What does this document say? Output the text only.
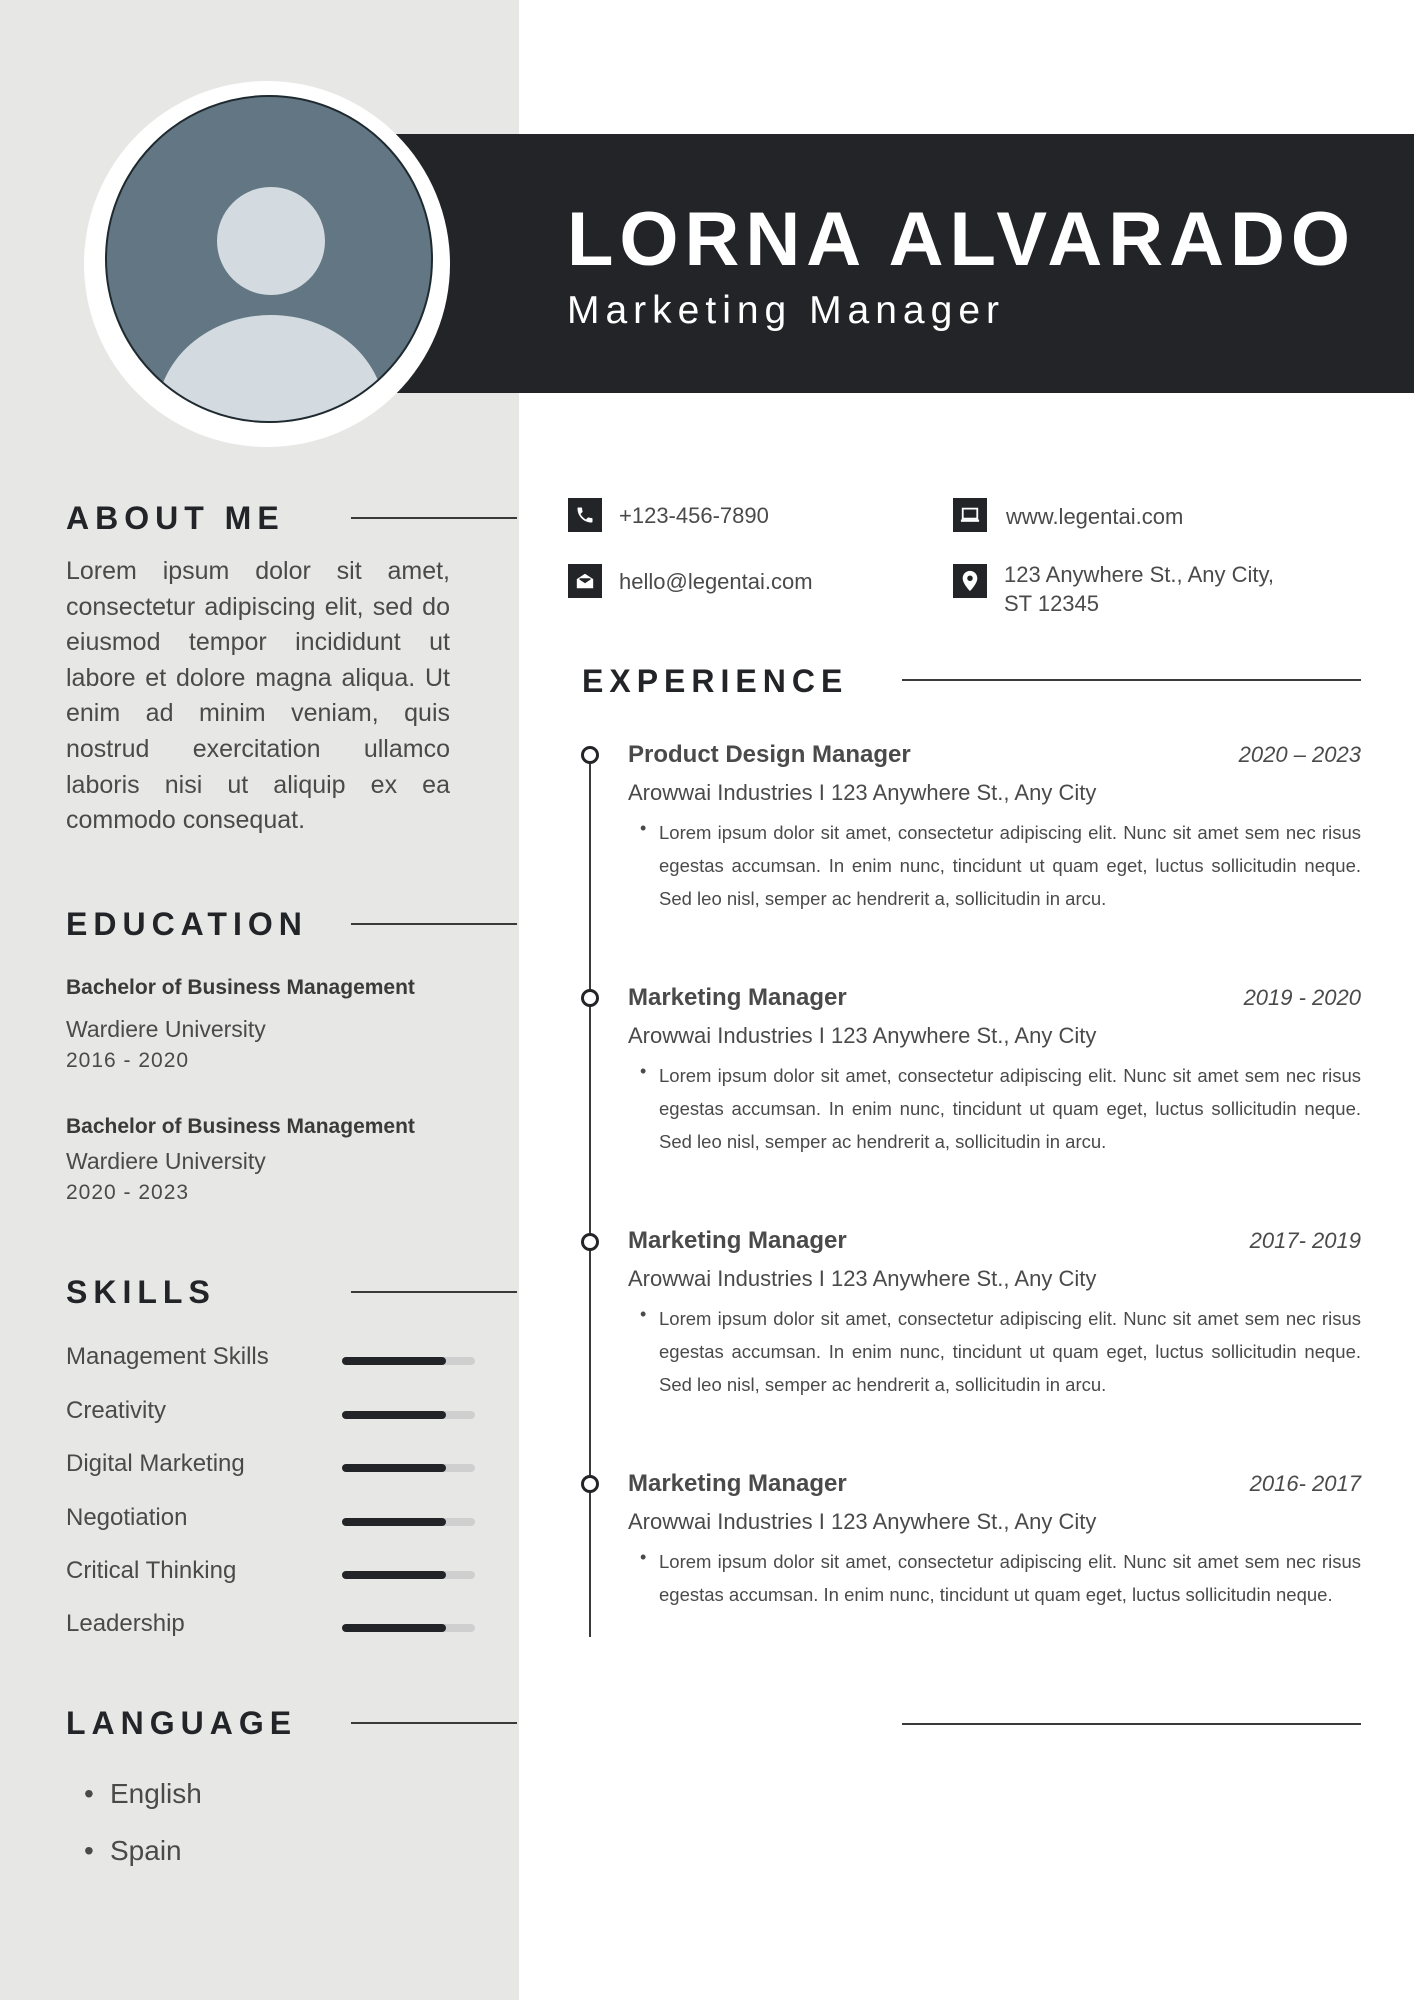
LORNA ALVARADO
Marketing Manager
ABOUT ME
Lorem ipsum dolor sit amet, consectetur adipiscing elit, sed do eiusmod tempor incididunt ut labore et dolore magna aliqua. Ut enim ad minim veniam, quis nostrud exercitation ullamco laboris nisi ut aliquip ex ea commodo consequat.
EDUCATION
Bachelor of Business Management
Wardiere University
2016 - 2020
Bachelor of Business Management
Wardiere University
2020 - 2023
SKILLS
Management Skills
Creativity
Digital Marketing
Negotiation
Critical Thinking
Leadership
LANGUAGE
• English
• Spain
+123-456-7890	www.legentai.com
hello@legentai.com	123 Anywhere St., Any City, ST 12345
EXPERIENCE
Product Design Manager	2020 – 2023
Arowwai Industries I 123 Anywhere St., Any City
• Lorem ipsum dolor sit amet, consectetur adipiscing elit. Nunc sit amet sem nec risus egestas accumsan. In enim nunc, tincidunt ut quam eget, luctus sollicitudin neque. Sed leo nisl, semper ac hendrerit a, sollicitudin in arcu.
Marketing Manager	2019 - 2020
Arowwai Industries I 123 Anywhere St., Any City
• Lorem ipsum dolor sit amet, consectetur adipiscing elit. Nunc sit amet sem nec risus egestas accumsan. In enim nunc, tincidunt ut quam eget, luctus sollicitudin neque. Sed leo nisl, semper ac hendrerit a, sollicitudin in arcu.
Marketing Manager	2017- 2019
Arowwai Industries I 123 Anywhere St., Any City
• Lorem ipsum dolor sit amet, consectetur adipiscing elit. Nunc sit amet sem nec risus egestas accumsan. In enim nunc, tincidunt ut quam eget, luctus sollicitudin neque. Sed leo nisl, semper ac hendrerit a, sollicitudin in arcu.
Marketing Manager	2016- 2017
Arowwai Industries I 123 Anywhere St., Any City
• Lorem ipsum dolor sit amet, consectetur adipiscing elit. Nunc sit amet sem nec risus egestas accumsan. In enim nunc, tincidunt ut quam eget, luctus sollicitudin neque.
